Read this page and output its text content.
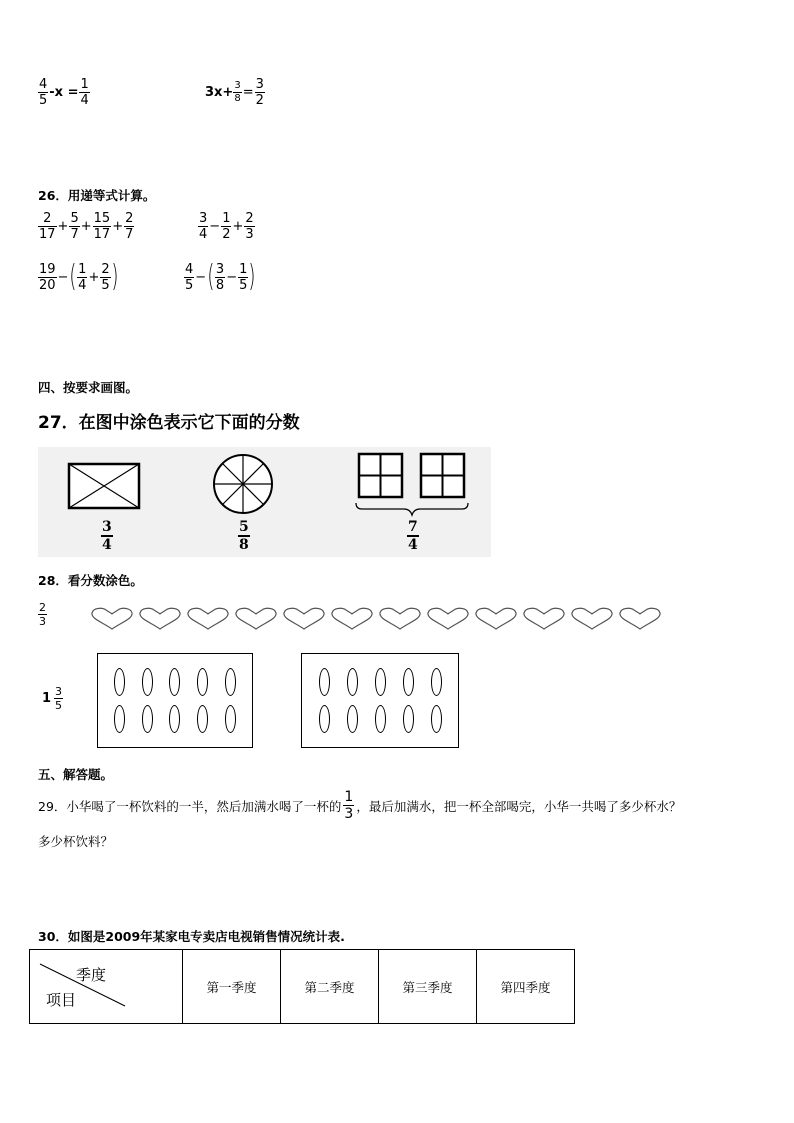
$\frac{4}{5} -x = \frac{1}{4}$	$3x+ \frac{3}{8} = \frac{3}{2}$
26．用递等式计算。
$\frac{2}{17} + \frac{5}{7} + \frac{15}{17} + \frac{2}{7}$	$\frac{3}{4} - \frac{1}{2} + \frac{2}{3}$
$\frac{19}{20}$ − ( $\frac{1}{4} + \frac{2}{5}$ )	$\frac{4}{5}$ − ( $\frac{3}{8} - \frac{1}{5}$ )
四、按要求画图。
27．在图中涂色表示它下面的分数
$\frac{3}{4}$	$\frac{5}{8}$	$\frac{7}{4}$
28．看分数涂色。
$\frac{2}{3}$
$1 \frac{3}{5}$
五、解答题。
29．小华喝了一杯饮料的一半，然后加满水喝了一杯的 $\frac{1}{3}$ ，最后加满水，把一杯全部喝完，小华一共喝了多少杯水？
多少杯饮料？
30．如图是2009年某家电专卖店电视销售情况统计表.
季度
项目
	第一季度	第二季度	第三季度	第四季度
